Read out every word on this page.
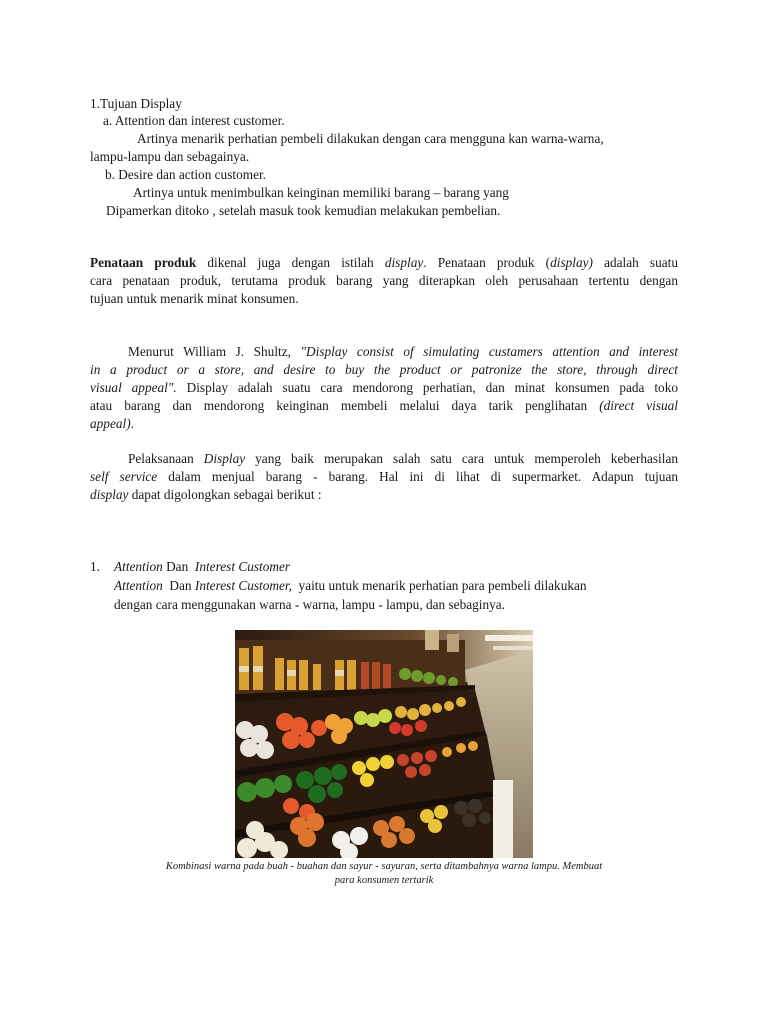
1.Tujuan Display
a. Attention dan interest customer.
Artinya menarik perhatian pembeli dilakukan dengan cara mengguna kan warna-warna,
lampu-lampu dan sebagainya.
b. Desire dan action customer.
Artinya untuk menimbulkan keinginan memiliki barang – barang yang
Dipamerkan ditoko , setelah masuk took kemudian melakukan pembelian.
Penataan produk dikenal juga dengan istilah display. Penataan produk (display) adalah suatu
cara penataan produk, terutama produk barang yang diterapkan oleh perusahaan tertentu dengan
tujuan untuk menarik minat konsumen.
Menurut William J. Shultz, "Display consist of simulating custamers attention and interest
in a product or a store, and desire to buy the product or patronize the store, through direct
visual appeal". Display adalah suatu cara mendorong perhatian, dan minat konsumen pada toko
atau barang dan mendorong keinginan membeli melalui daya tarik penglihatan (direct visual
appeal).
Pelaksanaan Display yang baik merupakan salah satu cara untuk memperoleh keberhasilan
self service dalam menjual barang - barang. Hal ini di lihat di supermarket. Adapun tujuan
display dapat digolongkan sebagai berikut :
1. Attention Dan  Interest Customer
Attention  Dan Interest Customer,  yaitu untuk menarik perhatian para pembeli dilakukan
dengan cara menggunakan warna - warna, lampu - lampu, dan sebaginya.
Kombinasi warna pada buah - buahan dan sayur - sayuran, serta ditambahnya warna lampu. Membuat
para konsumen tertarik
